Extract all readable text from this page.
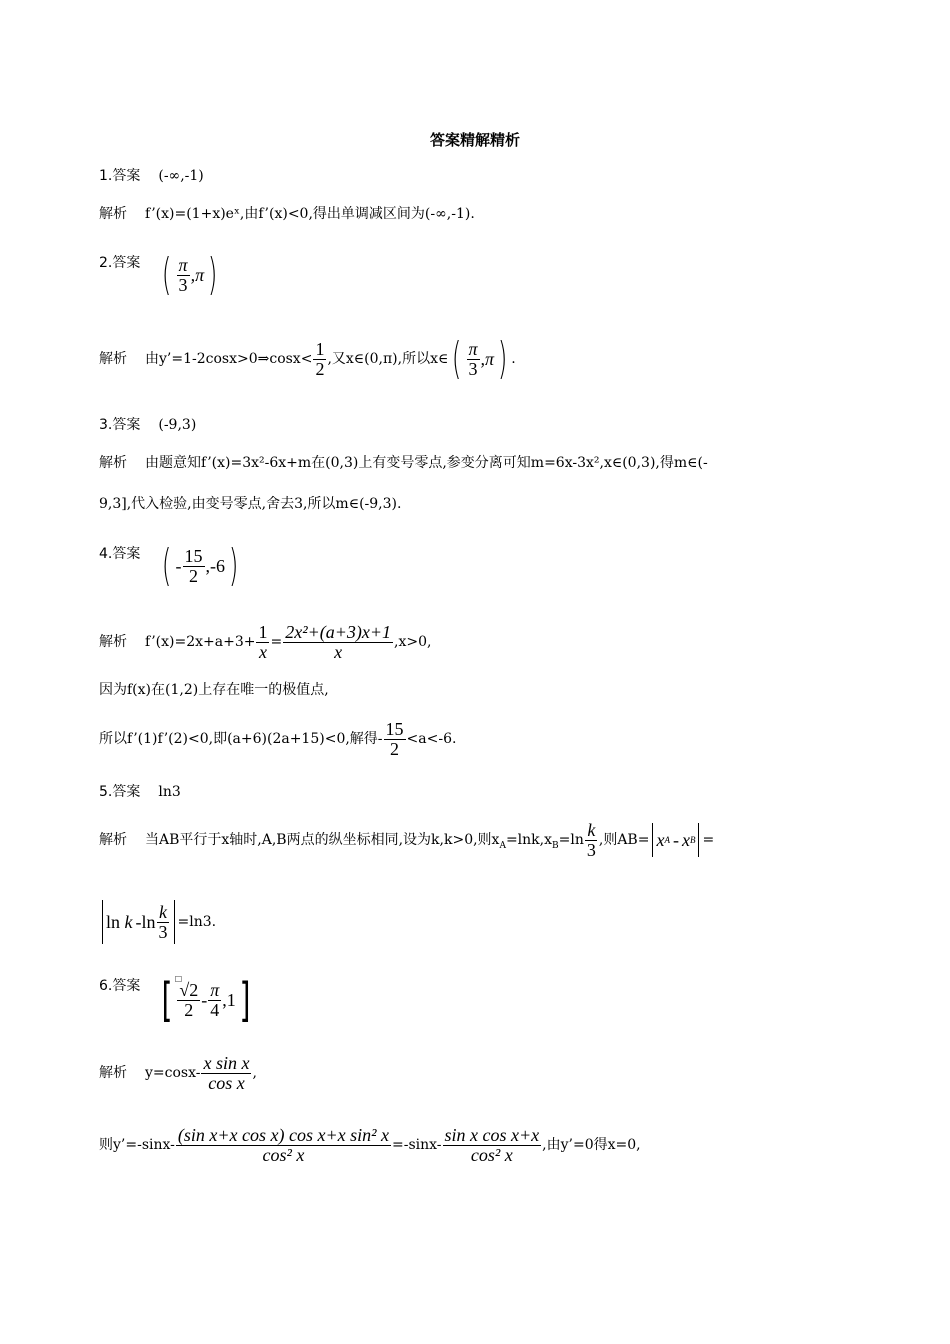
答案精解精析
1.答案 (-∞,-1)
解析 f’(x)=(1+x)eˣ,由f’(x)<0,得出单调减区间为(-∞,-1).
2.答案 ( $\frac{\pi}{3} ,\pi$ )
解析 由y’=1-2cosx>0⇒cosx< $\frac{1}{2}$ ,又x∈(0,π),所以x∈ ( $\frac{\pi}{3} ,\pi$ ) .
3.答案 (-9,3)
解析 由题意知f’(x)=3x²-6x+m在(0,3)上有变号零点,参变分离可知m=6x-3x²,x∈(0,3),得m∈(-
9,3],代入检验,由变号零点,舍去3,所以m∈(-9,3).
4.答案 ( - $\frac{15}{2} ,-6$ )
解析 f’(x)=2x+a+3+ $\frac{1}{x} = \frac{\text{2x²+(a+3)x+1}}{x} ,x>0$,
因为f(x)在(1,2)上存在唯一的极值点,
所以f’(1)f’(2)<0,即(a+6)(2a+15)<0,解得- $\frac{15}{2} <a<-6$.
5.答案 ln3
解析 当AB平行于x轴时,A,B两点的纵坐标相同,设为k,k>0,则$x_A=\ln k,x_B=\ln \frac{k}{3}$ ,则AB= x A - x B =
ln
k $-\ln \frac{k}{3} =\ln 3$.
6.答案 [ □
√2
$2 - \frac{\pi}{4} ,1$ ]
解析 $y=\cos x- \frac{\text{x sin x}}{\text{cos x}}$ ,
则y’=-sinx- $\frac{\text{(sin x+x cos x) cos x+x sin² x}}{\text{cos² x}} =-\sin x- \frac{\text{sin x cos x+x}}{\text{cos² x}}$ ,由y’=0得x=0,
